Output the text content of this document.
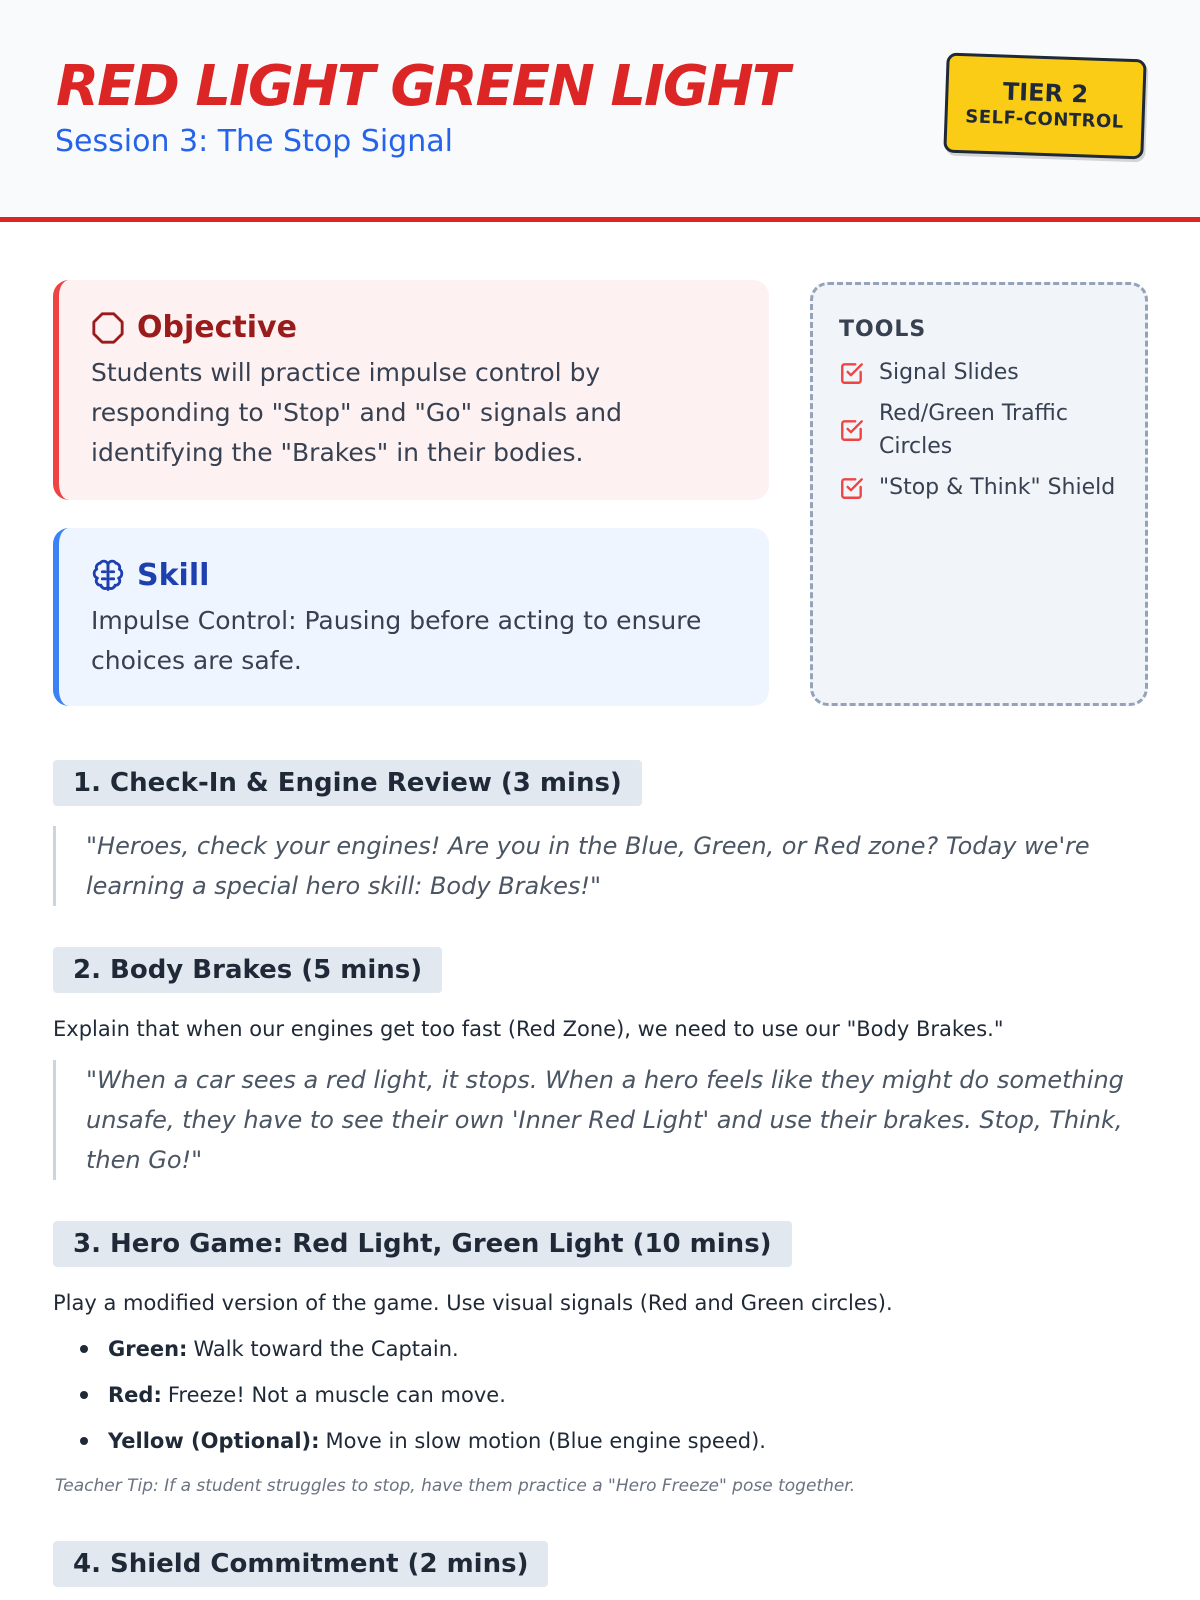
RED LIGHT GREEN LIGHT
Session 3: The Stop Signal
TIER 2
SELF-CONTROL
Objective
Students will practice impulse control by responding to "Stop" and "Go" signals and identifying the "Brakes" in their bodies.
Skill
Impulse Control: Pausing before acting to ensure choices are safe.
TOOLS
Signal Slides
Red/Green Traffic Circles
"Stop & Think" Shield
1. Check-In & Engine Review (3 mins)
"Heroes, check your engines! Are you in the Blue, Green, or Red zone? Today we're learning a special hero skill: Body Brakes!"
2. Body Brakes (5 mins)
Explain that when our engines get too fast (Red Zone), we need to use our "Body Brakes."
"When a car sees a red light, it stops. When a hero feels like they might do something unsafe, they have to see their own 'Inner Red Light' and use their brakes. Stop, Think, then Go!"
3. Hero Game: Red Light, Green Light (10 mins)
Play a modified version of the game. Use visual signals (Red and Green circles).
Green: Walk toward the Captain.
Red: Freeze! Not a muscle can move.
Yellow (Optional): Move in slow motion (Blue engine speed).
Teacher Tip: If a student struggles to stop, have them practice a "Hero Freeze" pose together.
4. Shield Commitment (2 mins)
